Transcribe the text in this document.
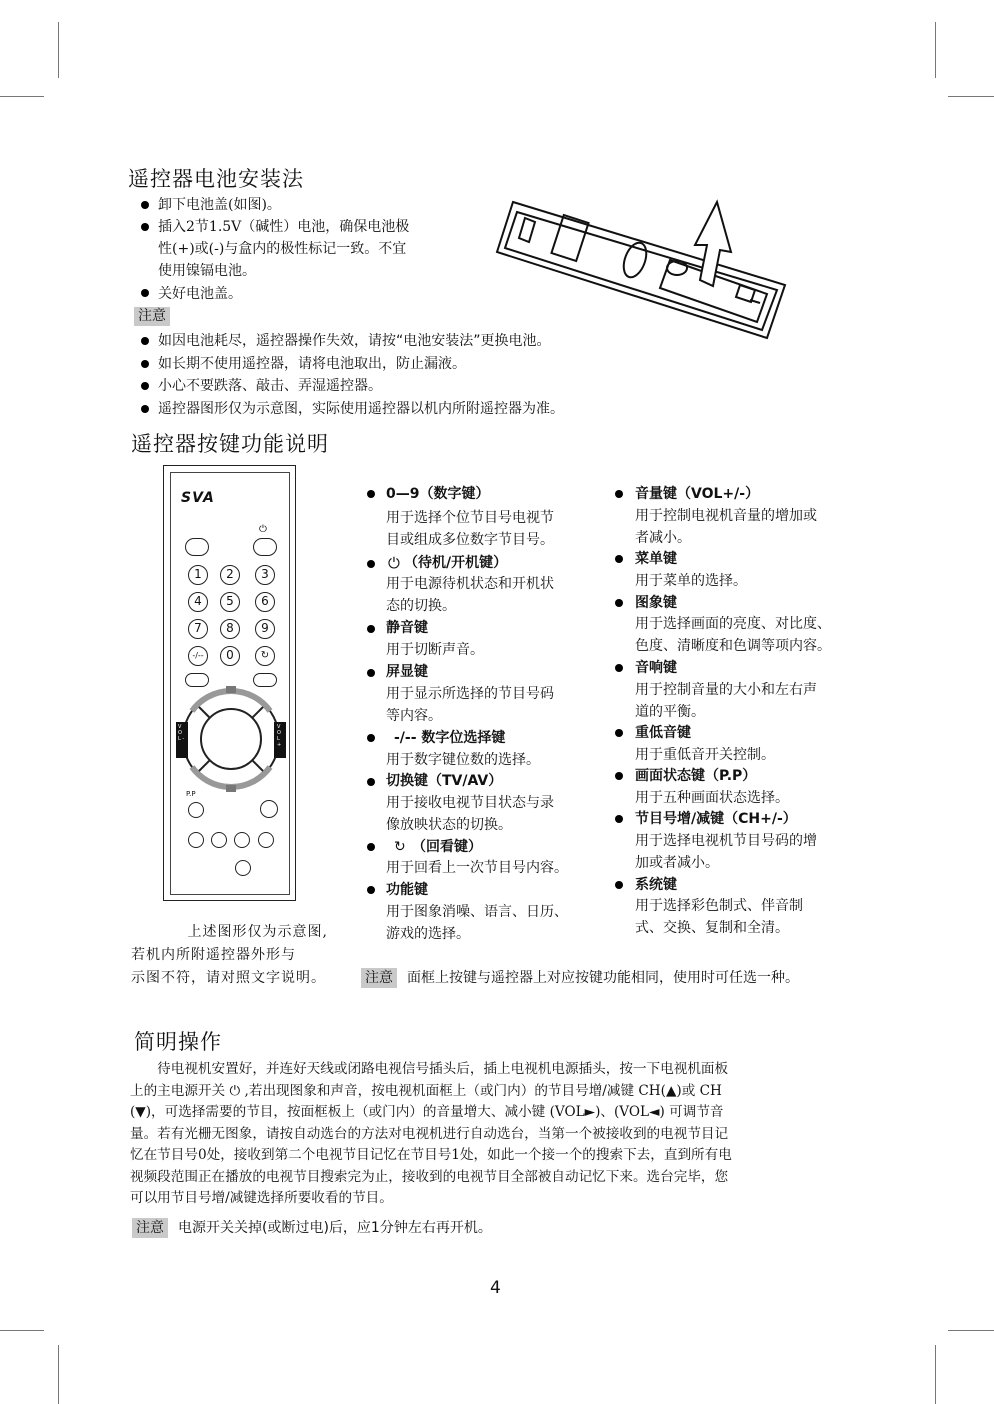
遥控器电池安装法
卸下电池盖(如图)。
插入2节1.5V（碱性）电池，确保电池极
性(+)或(-)与盒内的极性标记一致。不宜
使用镍镉电池。
关好电池盖。
注意
如因电池耗尽，遥控器操作失效，请按“电池安装法”更换电池。
如长期不使用遥控器，请将电池取出，防止漏液。
小心不要跌落、敲击、弄湿遥控器。
遥控器图形仅为示意图，实际使用遥控器以机内所附遥控器为准。
遥控器按键功能说明
SVA
⏻
1	2	3
4	5	6
7	8	9
-/--	0	↻
V O L -
V O L +
P.P
上述图形仅为示意图,
若机内所附遥控器外形与
示图不符，请对照文字说明。
0—9（数字键）
用于选择个位节目号电视节
目或组成多位数字节目号。
⏻ （待机/开机键）
用于电源待机状态和开机状
态的切换。
静音键
用于切断声音。
屏显键
用于显示所选择的节目号码
等内容。
-/-- 数字位选择键
用于数字键位数的选择。
切换键（TV/AV）
用于接收电视节目状态与录
像放映状态的切换。
↻ （回看键）
用于回看上一次节目号内容。
功能键
用于图象消噪、语言、日历、
游戏的选择。
音量键（VOL+/-）
用于控制电视机音量的增加或
者减小。
菜单键
用于菜单的选择。
图象键
用于选择画面的亮度、对比度、
色度、清晰度和色调等项内容。
音响键
用于控制音量的大小和左右声
道的平衡。
重低音键
用于重低音开关控制。
画面状态键（P.P）
用于五种画面状态选择。
节目号增/减键（CH+/-）
用于选择电视机节目号码的增
加或者减小。
系统键
用于选择彩色制式、伴音制
式、交换、复制和全清。
注意 面框上按键与遥控器上对应按键功能相同，使用时可任选一种。
简明操作
　　待电视机安置好，并连好天线或闭路电视信号插头后，插上电视机电源插头，按一下电视机面板
上的主电源开关 ⏻ ,若出现图象和声音，按电视机面框上（或门内）的节目号增/减键 CH(▲)或 CH
(▼)，可选择需要的节目，按面框板上（或门内）的音量增大、减小键 (VOL►)、(VOL◄) 可调节音
量。若有光栅无图象，请按自动选台的方法对电视机进行自动选台，当第一个被接收到的电视节目记
忆在节目号0处，接收到第二个电视节目记忆在节目号1处，如此一个接一个的搜索下去，直到所有电
视频段范围正在播放的电视节目搜索完为止，接收到的电视节目全部被自动记忆下来。选台完毕，您
可以用节目号增/减键选择所要收看的节目。
注意 电源开关关掉(或断过电)后，应1分钟左右再开机。
4
